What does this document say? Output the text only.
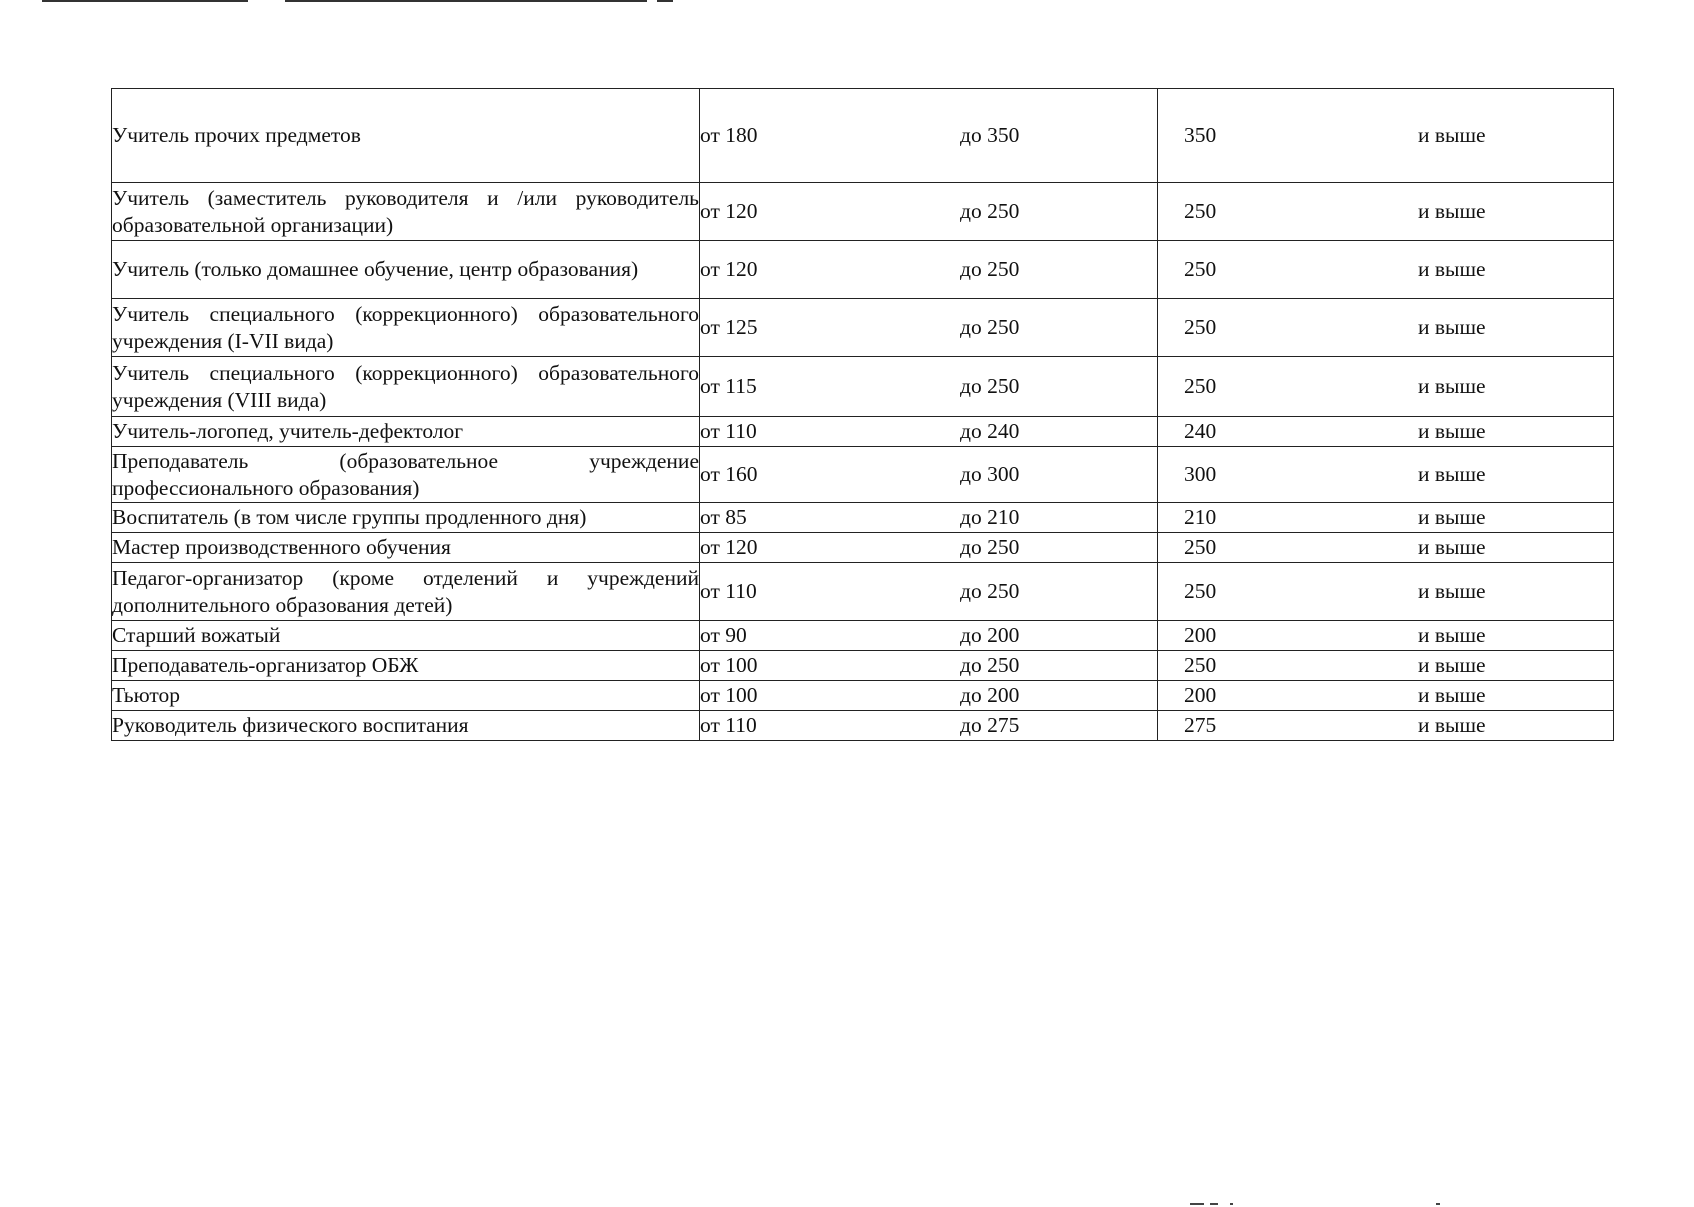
Учитель прочих предметов	от 180 до 350	350 и выше

Учитель (заместитель руководителя и /или руководитель образовательной организации)	от 120 до 250	250 и выше

Учитель (только домашнее обучение, центр образования)	от 120 до 250	250 и выше

Учитель специального (коррекционного) образовательного учреждения (I-VII вида)	от 125 до 250	250 и выше

Учитель специального (коррекционного) образовательного учреждения (VIII вида)	от 115 до 250	250 и выше

Учитель-логопед, учитель-дефектолог	от 110 до 240	240 и выше

Преподаватель (образовательное учреждение профессионального образования)	от 160 до 300	300 и выше

Воспитатель (в том числе группы продленного дня)	от 85 до 210	210 и выше

Мастер производственного обучения	от 120 до 250	250 и выше

Педагог-организатор (кроме отделений и учреждений дополнительного образования детей)	от 110 до 250	250 и выше

Старший вожатый	от 90 до 200	200 и выше

Преподаватель-организатор ОБЖ	от 100 до 250	250 и выше

Тьютор	от 100 до 200	200 и выше

Руководитель физического воспитания	от 110 до 275	275 и выше
